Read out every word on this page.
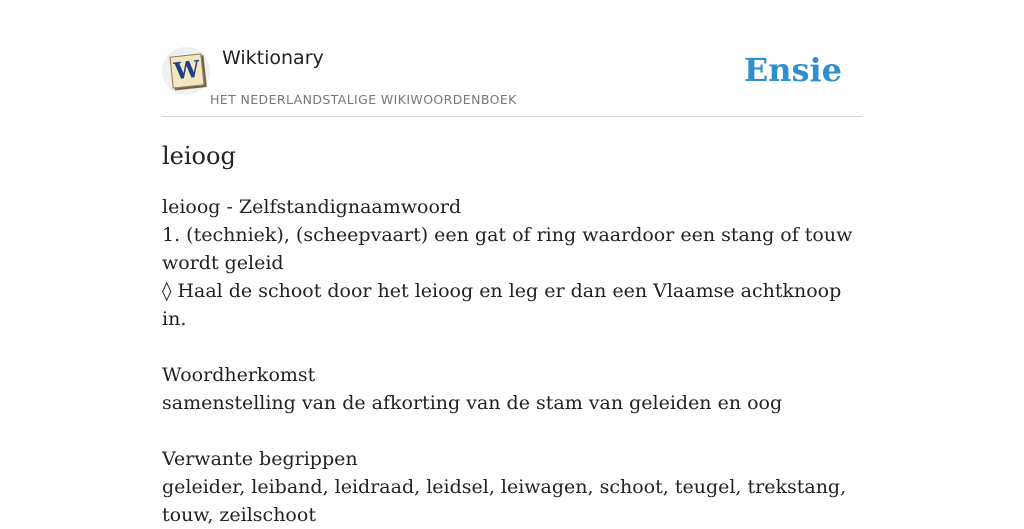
W Wiktionary
HET NEDERLANDSTALIGE WIKIWOORDENBOEK
Ensie
leioog

leioog - Zelfstandignaamwoord

1. (techniek), (scheepvaart) een gat of ring waardoor een stang of touw wordt geleid

◊ Haal de schoot door het leioog en leg er dan een Vlaamse achtknoop in.

Woordherkomst

samenstelling van de afkorting van de stam van geleiden en oog

Verwante begrippen

geleider, leiband, leidraad, leidsel, leiwagen, schoot, teugel, trekstang, touw, zeilschoot
